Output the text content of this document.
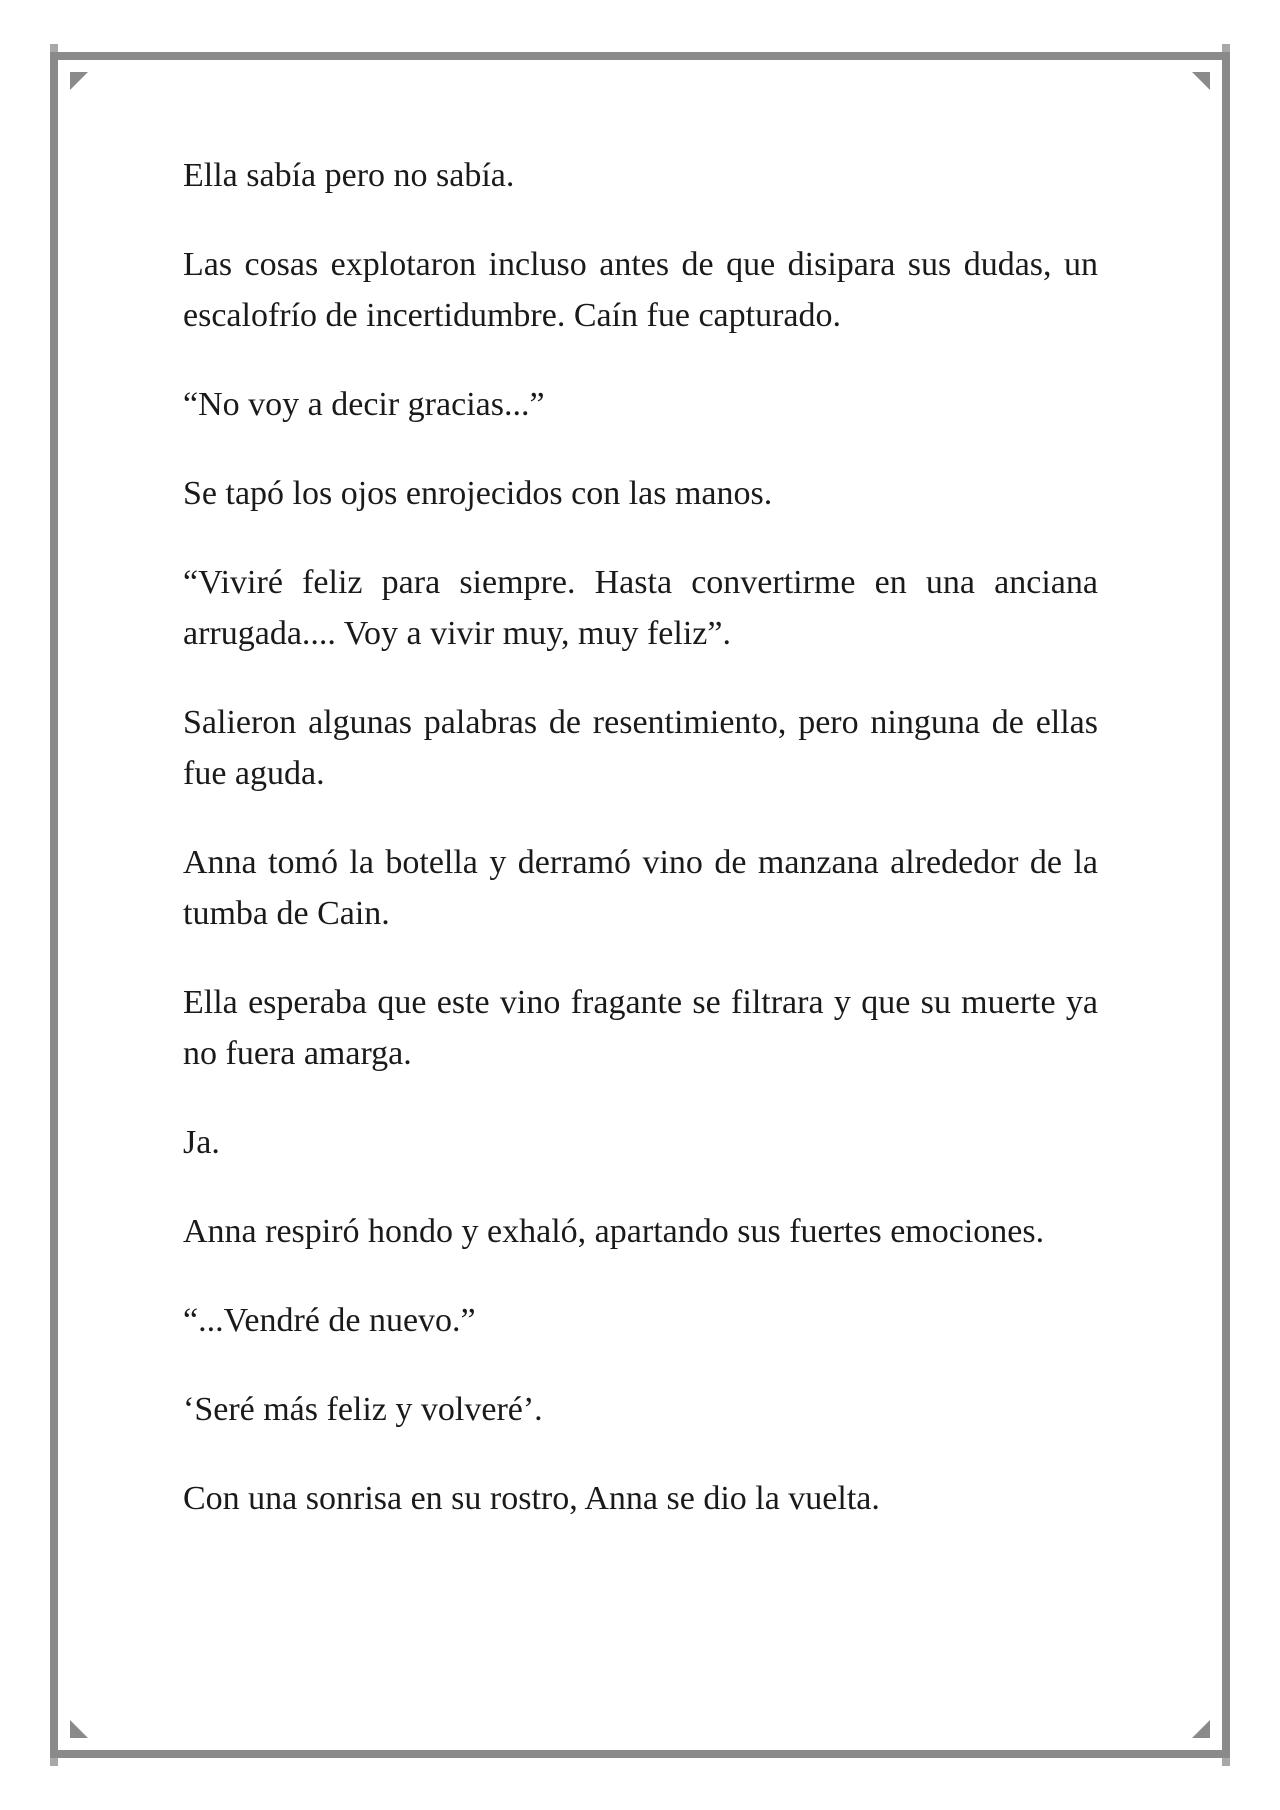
Ella sabía pero no sabía.

Las cosas explotaron incluso antes de que disipara sus dudas, un escalofrío de incertidumbre. Caín fue capturado.

“No voy a decir gracias...”

Se tapó los ojos enrojecidos con las manos.

“Viviré feliz para siempre. Hasta convertirme en una anciana arrugada.... Voy a vivir muy, muy feliz”.

Salieron algunas palabras de resentimiento, pero ninguna de ellas fue aguda.

Anna tomó la botella y derramó vino de manzana alrededor de la tumba de Cain.

Ella esperaba que este vino fragante se filtrara y que su muerte ya no fuera amarga.

Ja.

Anna respiró hondo y exhaló, apartando sus fuertes emociones.

“...Vendré de nuevo.”

‘Seré más feliz y volveré’.

Con una sonrisa en su rostro, Anna se dio la vuelta.
